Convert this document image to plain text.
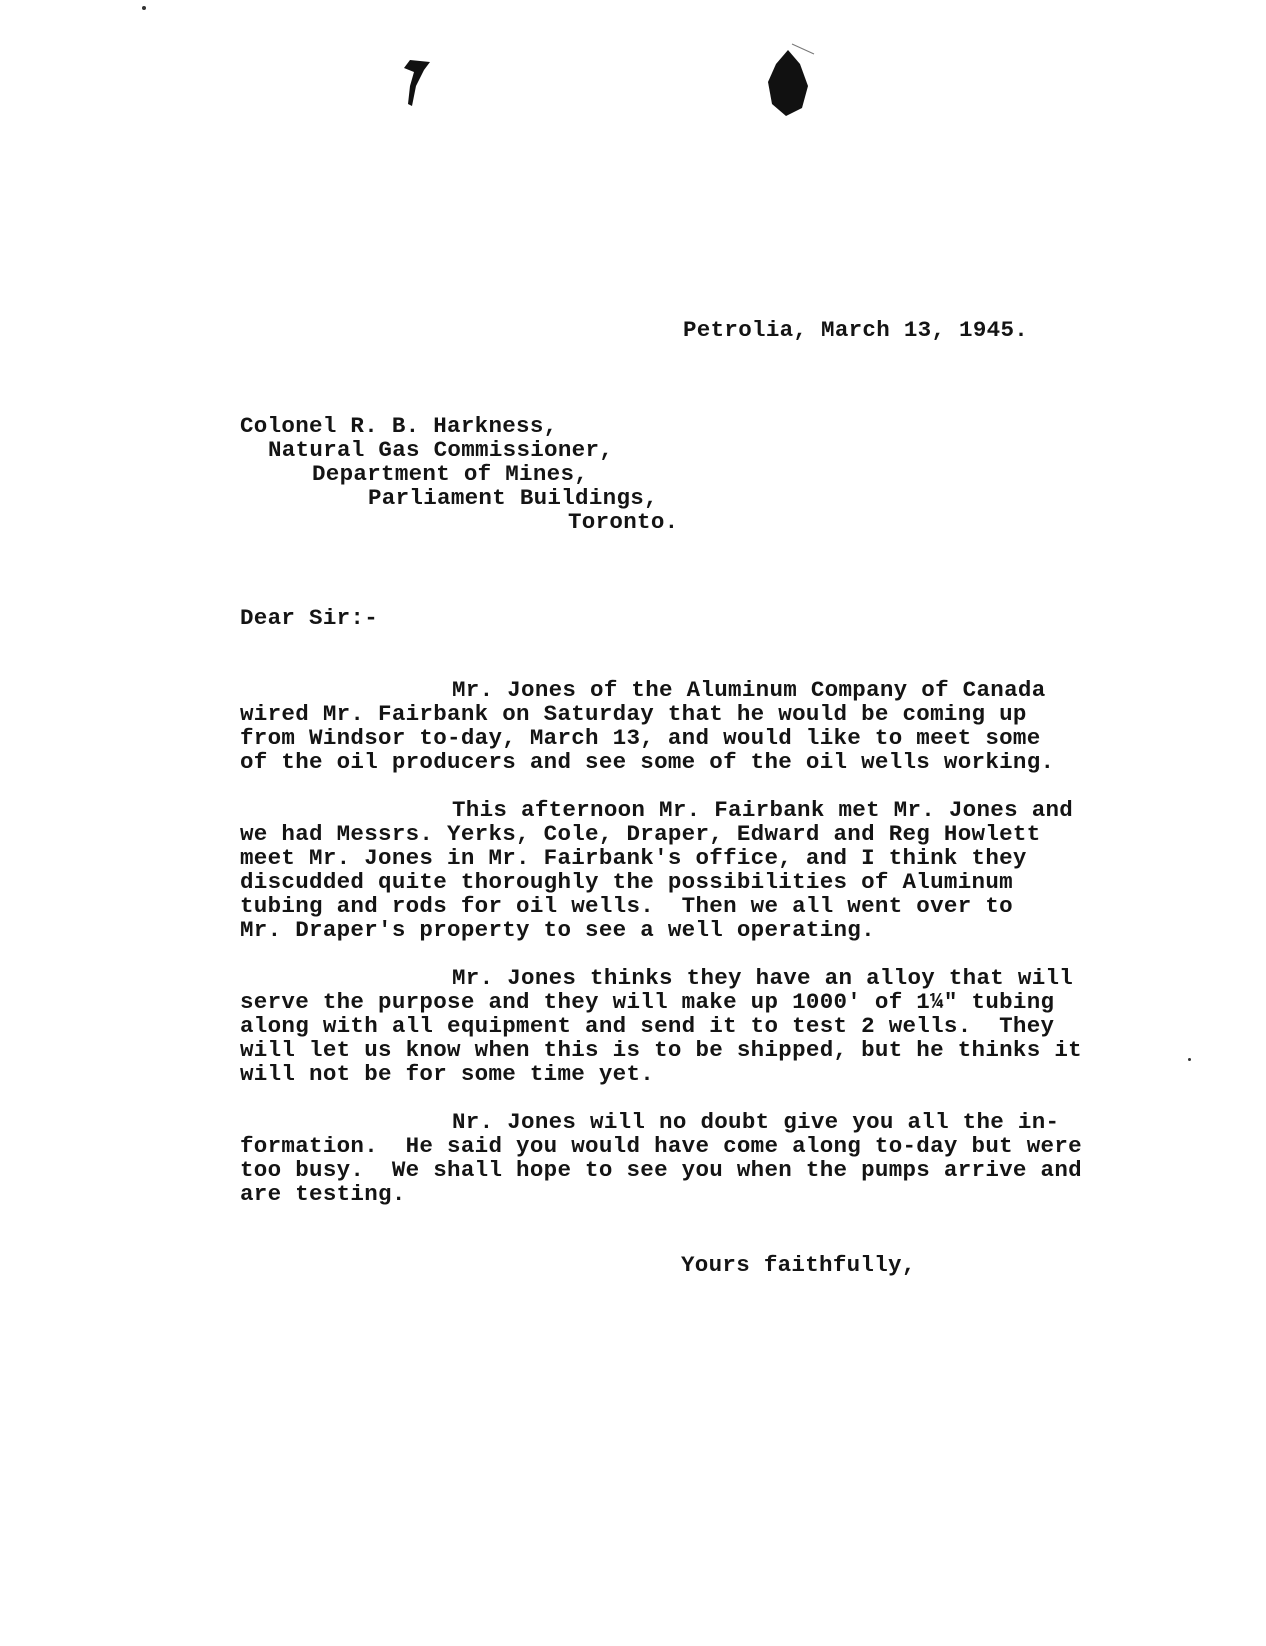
Petrolia, March 13, 1945.
Colonel R. B. Harkness,
Natural Gas Commissioner,
Department of Mines,
Parliament Buildings,
Toronto.
Dear Sir:-
Mr. Jones of the Aluminum Company of Canada
wired Mr. Fairbank on Saturday that he would be coming up
from Windsor to-day, March 13, and would like to meet some
of the oil producers and see some of the oil wells working.
This afternoon Mr. Fairbank met Mr. Jones and
we had Messrs. Yerks, Cole, Draper, Edward and Reg Howlett
meet Mr. Jones in Mr. Fairbank's office, and I think they
discudded quite thoroughly the possibilities of Aluminum
tubing and rods for oil wells.  Then we all went over to
Mr. Draper's property to see a well operating.
Mr. Jones thinks they have an alloy that will
serve the purpose and they will make up 1000' of 1¼" tubing
along with all equipment and send it to test 2 wells.  They
will let us know when this is to be shipped, but he thinks it
will not be for some time yet.
Nr. Jones will no doubt give you all the in-
formation.  He said you would have come along to-day but were
too busy.  We shall hope to see you when the pumps arrive and
are testing.
Yours faithfully,
